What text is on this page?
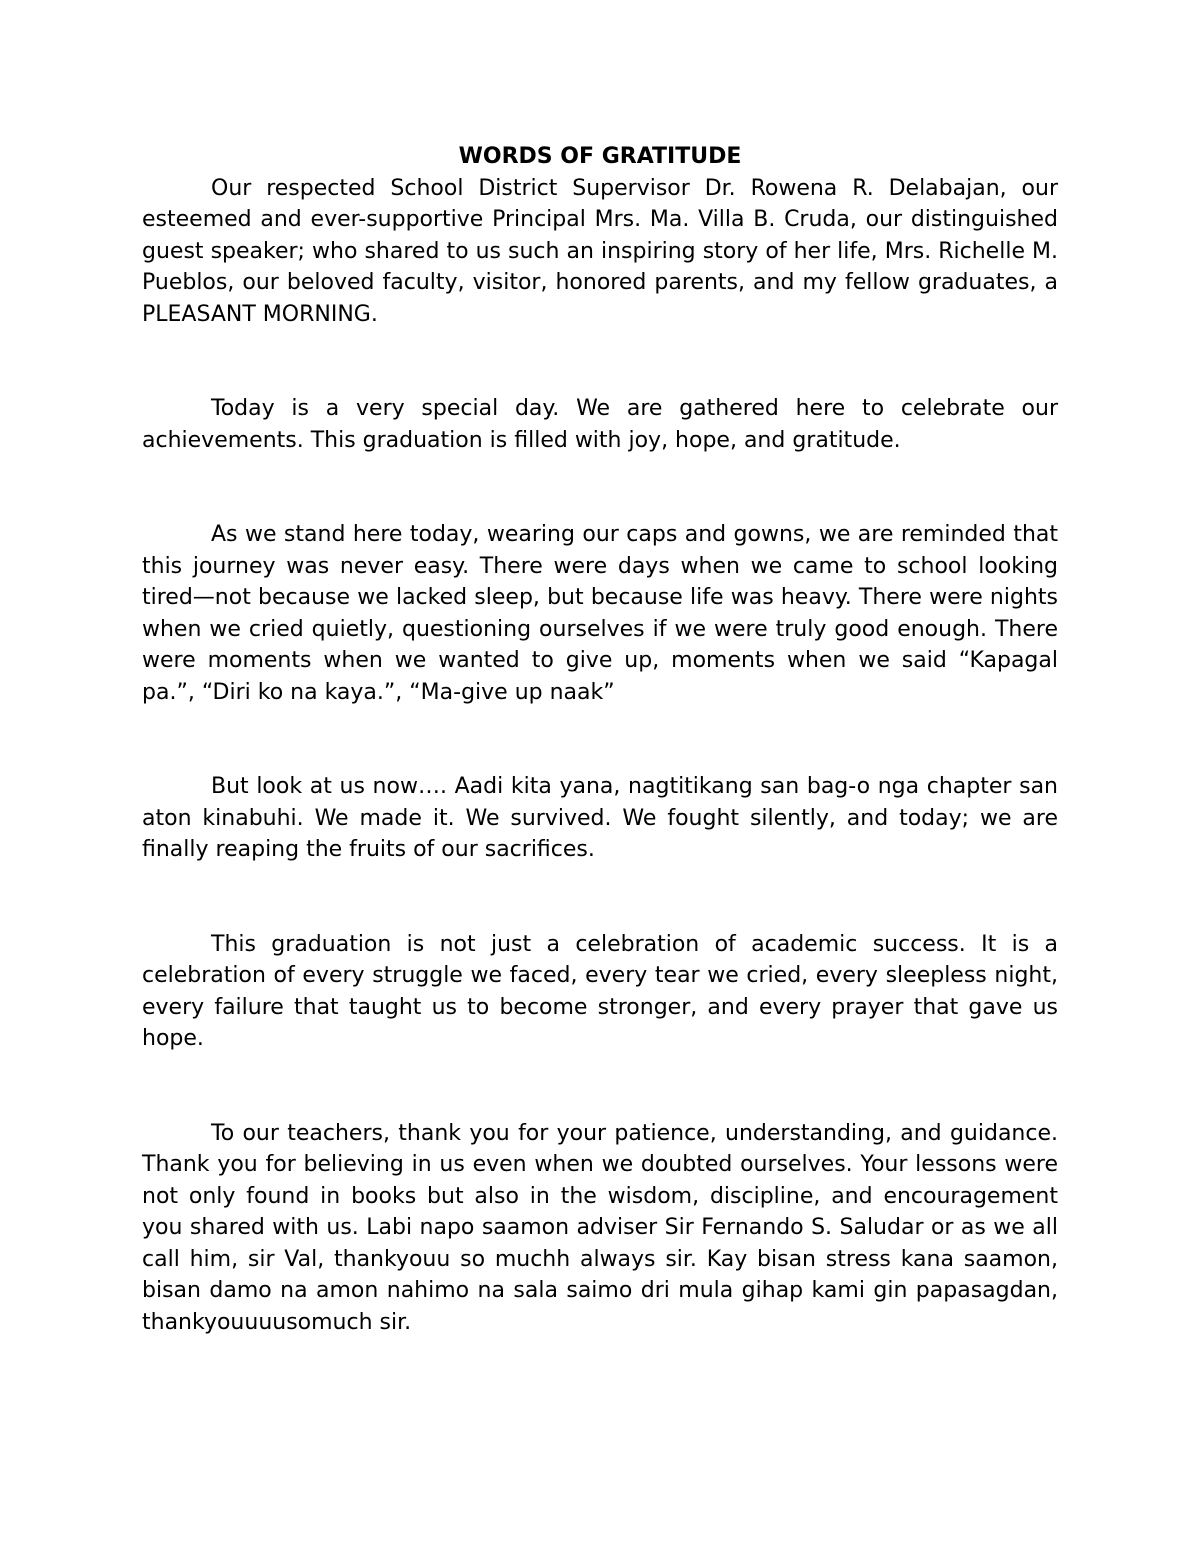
WORDS OF GRATITUDE

Our respected School District Supervisor Dr. Rowena R. Delabajan, our esteemed and ever-supportive Principal Mrs. Ma. Villa B. Cruda, our distinguished guest speaker; who shared to us such an inspiring story of her life, Mrs. Richelle M. Pueblos, our beloved faculty, visitor, honored parents, and my fellow graduates, a PLEASANT MORNING.

Today is a very special day. We are gathered here to celebrate our achievements. This graduation is filled with joy, hope, and gratitude.

As we stand here today, wearing our caps and gowns, we are reminded that this journey was never easy. There were days when we came to school looking tired—not because we lacked sleep, but because life was heavy. There were nights when we cried quietly, questioning ourselves if we were truly good enough. There were moments when we wanted to give up, moments when we said “Kapagal pa.”, “Diri ko na kaya.”, “Ma-give up naak”

But look at us now…. Aadi kita yana, nagtitikang san bag-o nga chapter san aton kinabuhi. We made it. We survived. We fought silently, and today; we are finally reaping the fruits of our sacrifices.

This graduation is not just a celebration of academic success. It is a celebration of every struggle we faced, every tear we cried, every sleepless night, every failure that taught us to become stronger, and every prayer that gave us hope.

To our teachers, thank you for your patience, understanding, and guidance. Thank you for believing in us even when we doubted ourselves. Your lessons were not only found in books but also in the wisdom, discipline, and encouragement you shared with us. Labi napo saamon adviser Sir Fernando S. Saludar or as we all call him, sir Val, thankyouu so muchh always sir. Kay bisan stress kana saamon, bisan damo na amon nahimo na sala saimo dri mula gihap kami gin papasagdan, thankyouuuusomuch sir.
